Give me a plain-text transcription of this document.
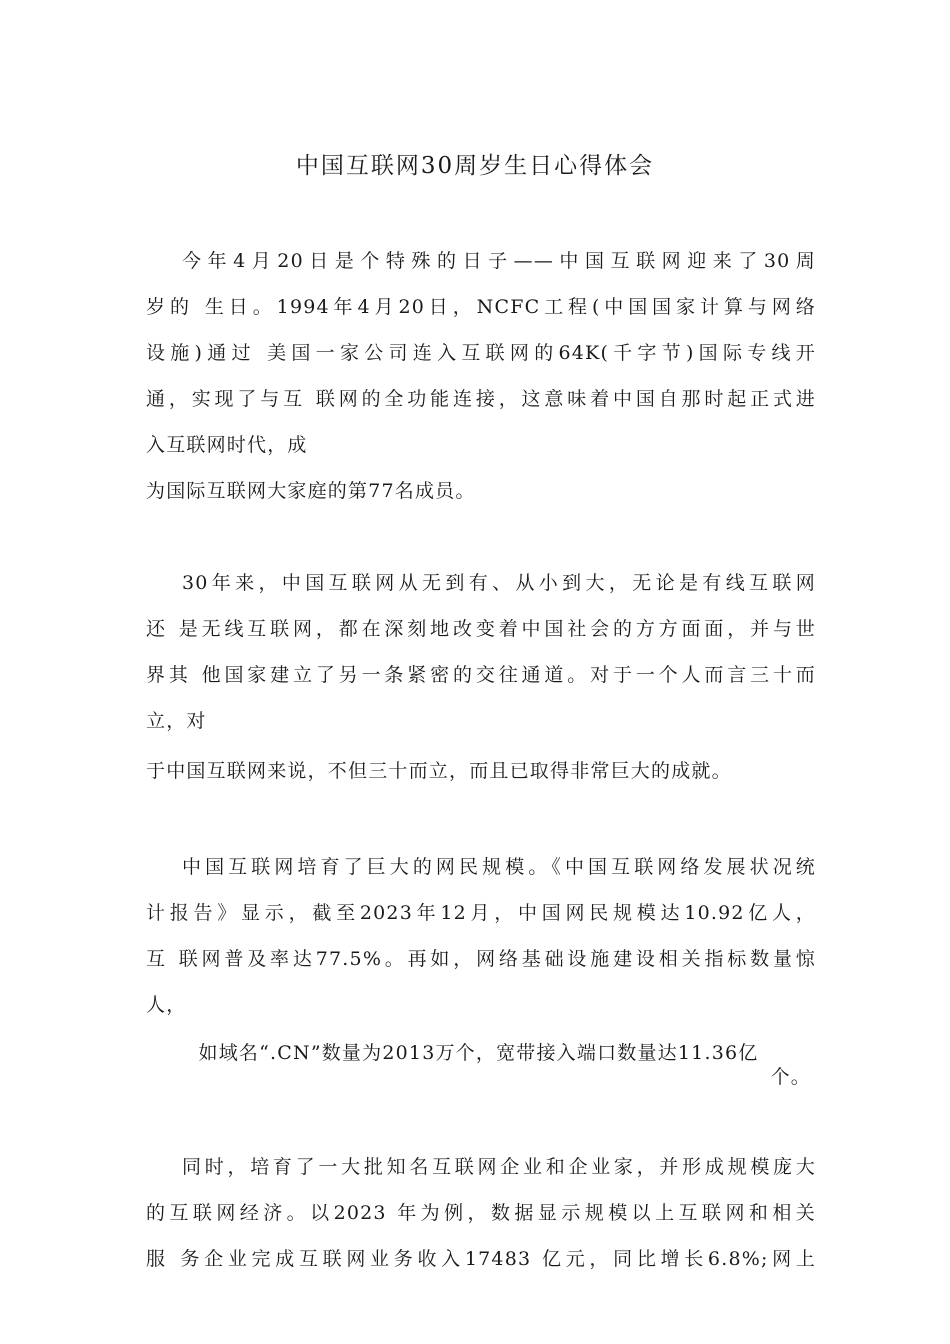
中国互联网30周岁生日心得体会

今年4月20日是个特殊的日子——中国互联网迎来了30周

岁的 生日。1994年4月20日，NCFC工程(中国国家计算与网络

设施)通过 美国一家公司连入互联网的64K(千字节)国际专线开

通，实现了与互 联网的全功能连接，这意味着中国自那时起正式进

入互联网时代，成

为国际互联网大家庭的第77名成员。

30年来，中国互联网从无到有、从小到大，无论是有线互联网

还 是无线互联网，都在深刻地改变着中国社会的方方面面，并与世

界其 他国家建立了另一条紧密的交往通道。对于一个人而言三十而

立，对

于中国互联网来说，不但三十而立，而且已取得非常巨大的成就。

中国互联网培育了巨大的网民规模。《中国互联网络发展状况统

计报告》显示，截至2023年12月，中国网民规模达10.92亿人，

互 联网普及率达77.5%。再如，网络基础设施建设相关指标数量惊

人，

如域名“.CN”数量为2013万个，宽带接入端口数量达11.36亿

个。

同时，培育了一大批知名互联网企业和企业家，并形成规模庞大

的互联网经济。以2023 年为例，数据显示规模以上互联网和相关

服 务企业完成互联网业务收入17483 亿元，同比增长6.8%;网上
